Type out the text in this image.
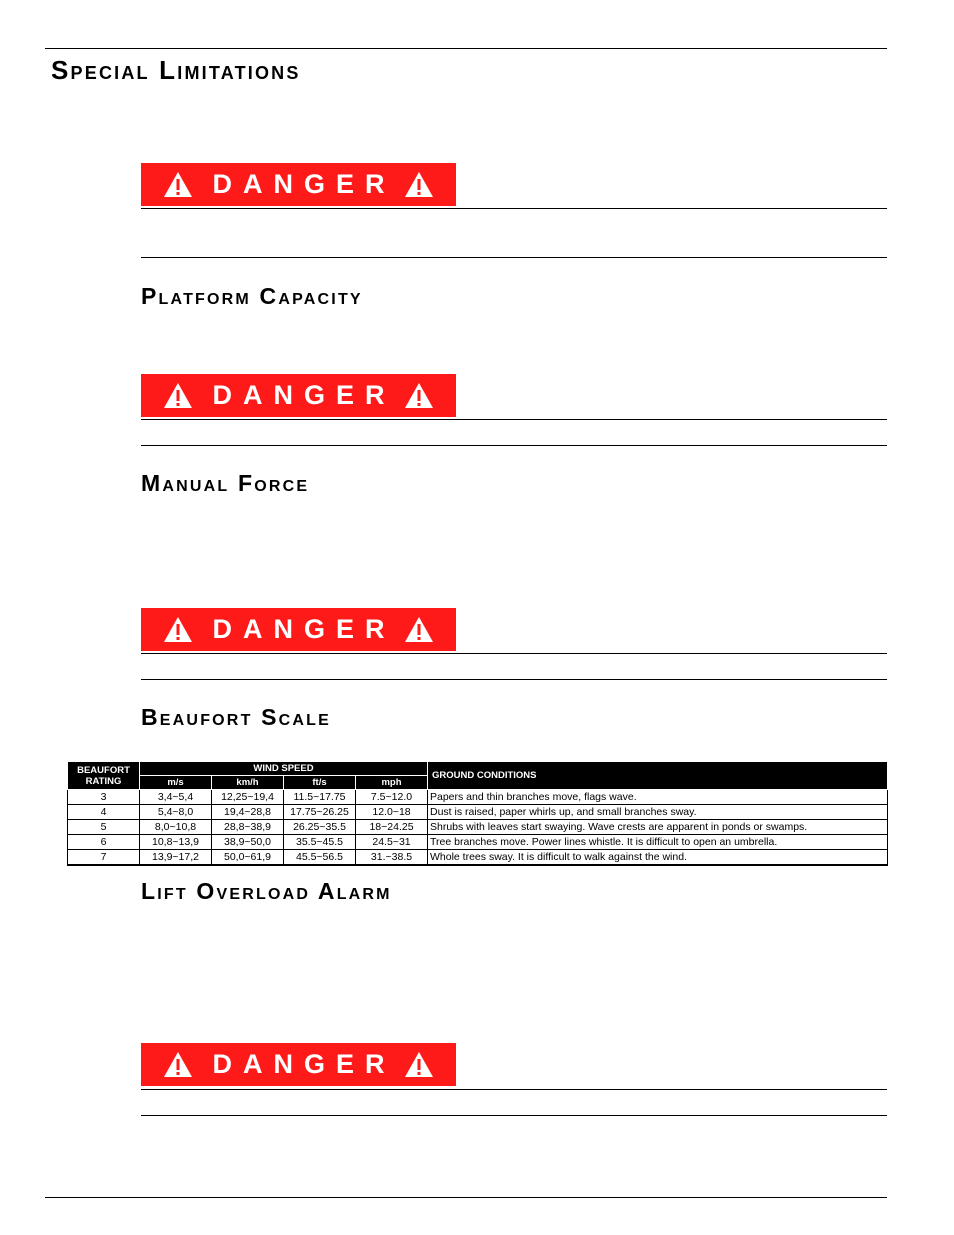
Special Limitations
DANGER
Platform Capacity
DANGER
Manual Force
DANGER
Beaufort Scale
BEAUFORT RATING	WIND SPEED				GROUND CONDITIONS
	m/s	km/h	ft/s	mph	
3	3,4~5,4	12,25~19,4	11.5~17.75	7.5~12.0	Papers and thin branches move, flags wave.
4	5,4~8,0	19,4~28,8	17.75~26.25	12.0~18	Dust is raised, paper whirls up, and small branches sway.
5	8,0~10,8	28,8~38,9	26.25~35.5	18~24.25	Shrubs with leaves start swaying. Wave crests are apparent in ponds or swamps.
6	10,8~13,9	38,9~50,0	35.5~45.5	24.5~31	Tree branches move. Power lines whistle. It is difficult to open an umbrella.
7	13,9~17,2	50,0~61,9	45.5~56.5	31.~38.5	Whole trees sway. It is difficult to walk against the wind.
Lift Overload Alarm
DANGER
